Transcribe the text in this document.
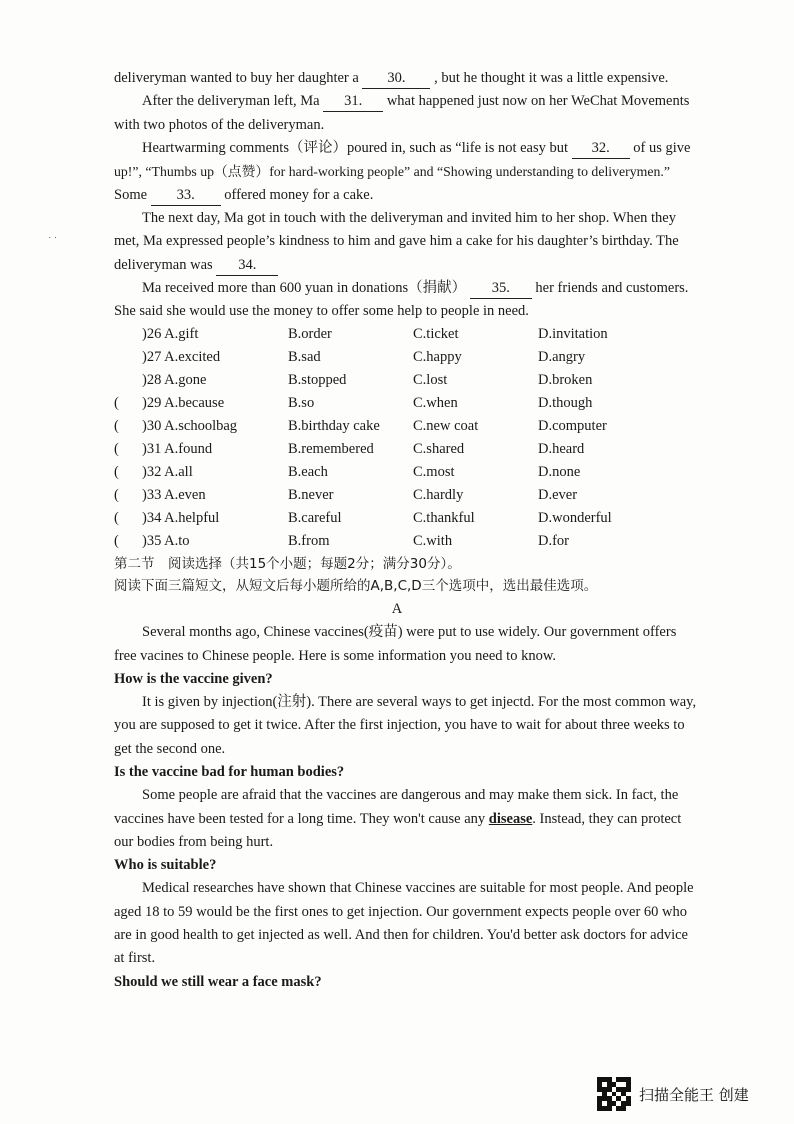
˙ ˙
deliveryman wanted to buy her daughter a 30. , but he thought it was a little expensive.
After the deliveryman left, Ma 31. what happened just now on her WeChat Movements
with two photos of the deliveryman.
Heartwarming comments（评论）poured in, such as “life is not easy but 32. of us give
up!”, “Thumbs up（点赞）for hard-working people” and “Showing understanding to deliverymen.”
Some 33. offered money for a cake.
The next day, Ma got in touch with the deliveryman and invited him to her shop. When they
met, Ma expressed people’s kindness to him and gave him a cake for his daughter’s birthday. The
deliveryman was 34.
Ma received more than 600 yuan in donations（捐献） 35. her friends and customers.
She said she would use the money to offer some help to people in need.
)26 A.gift	B.order	C.ticket	D.invitation
)27 A.excited	B.sad	C.happy	D.angry
)28 A.gone	B.stopped	C.lost	D.broken
( )29 A.because	B.so	C.when	D.though
( )30 A.schoolbag	B.birthday cake C.new coat	D.computer
( )31 A.found	B.remembered	C.shared	D.heard
( )32 A.all	B.each	C.most	D.none
( )33 A.even	B.never	C.hardly	D.ever
( )34 A.helpful	B.careful	C.thankful	D.wonderful
( )35 A.to	B.from	C.with	D.for
第二节　阅读选择（共15个小题；每题2分；满分30分）。
阅读下面三篇短文，从短文后每小题所给的A,B,C,D三个选项中，选出最佳选项。
A
Several months ago, Chinese vaccines(疫苗) were put to use widely. Our government offers
free vacines to Chinese people. Here is some information you need to know.
How is the vaccine given?
It is given by injection(注射). There are several ways to get injectd. For the most common way,
you are supposed to get it twice. After the first injection, you have to wait for about three weeks to
get the second one.
Is the vaccine bad for human bodies?
Some people are afraid that the vaccines are dangerous and may make them sick. In fact, the
vaccines have been tested for a long time. They won't cause any disease. Instead, they can protect
our bodies from being hurt.
Who is suitable?
Medical researches have shown that Chinese vaccines are suitable for most people. And people
aged 18 to 59 would be the first ones to get injection. Our government expects people over 60 who
are in good health to get injected as well. And then for children. You'd better ask doctors for advice
at first.
Should we still wear a face mask?
扫描全能王 创建
